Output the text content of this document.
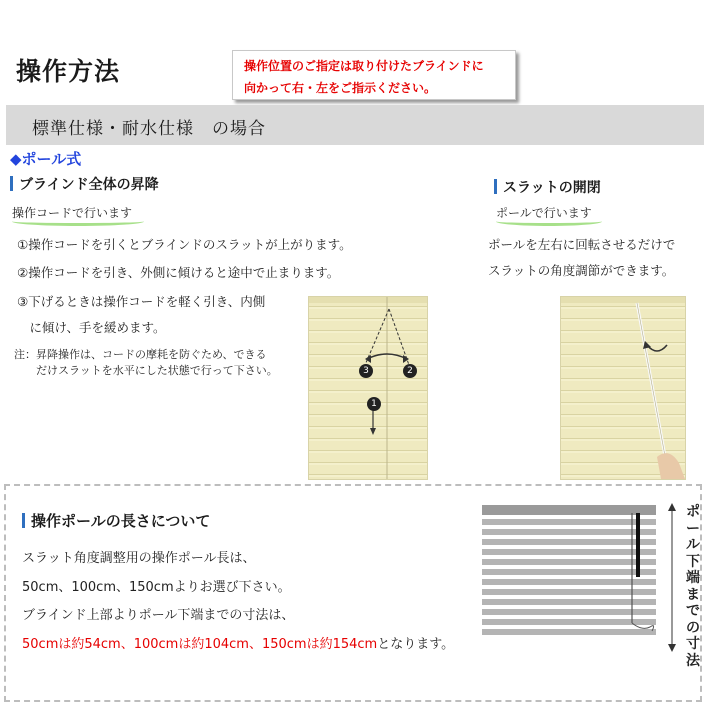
操作方法	操作位置のご指定は取り付けたブラインドに
向かって右・左をご指示ください。
標準仕様・耐水仕様　の場合
◆ポール式
ブラインド全体の昇降
操作コードで行います
①操作コードを引くとブラインドのスラットが上がります。
②操作コードを引き、外側に傾けると途中で止まります。
③下げるときは操作コードを軽く引き、内側
　に傾け、手を緩めます。
注：昇降操作は、コードの摩耗を防ぐため、できる
　　だけスラットを水平にした状態で行って下さい。	3	2
1
スラットの開閉
ポールで行います
ポールを左右に回転させるだけで
スラットの角度調節ができます。
操作ポールの長さについて
スラット角度調整用の操作ポール長は、
50cm、100cm、150cmよりお選び下さい。
ブラインド上部よりポール下端までの寸法は、
50cmは約54cm、100cmは約104cm、150cmは約154cmとなります。
ポール下端までの寸法
